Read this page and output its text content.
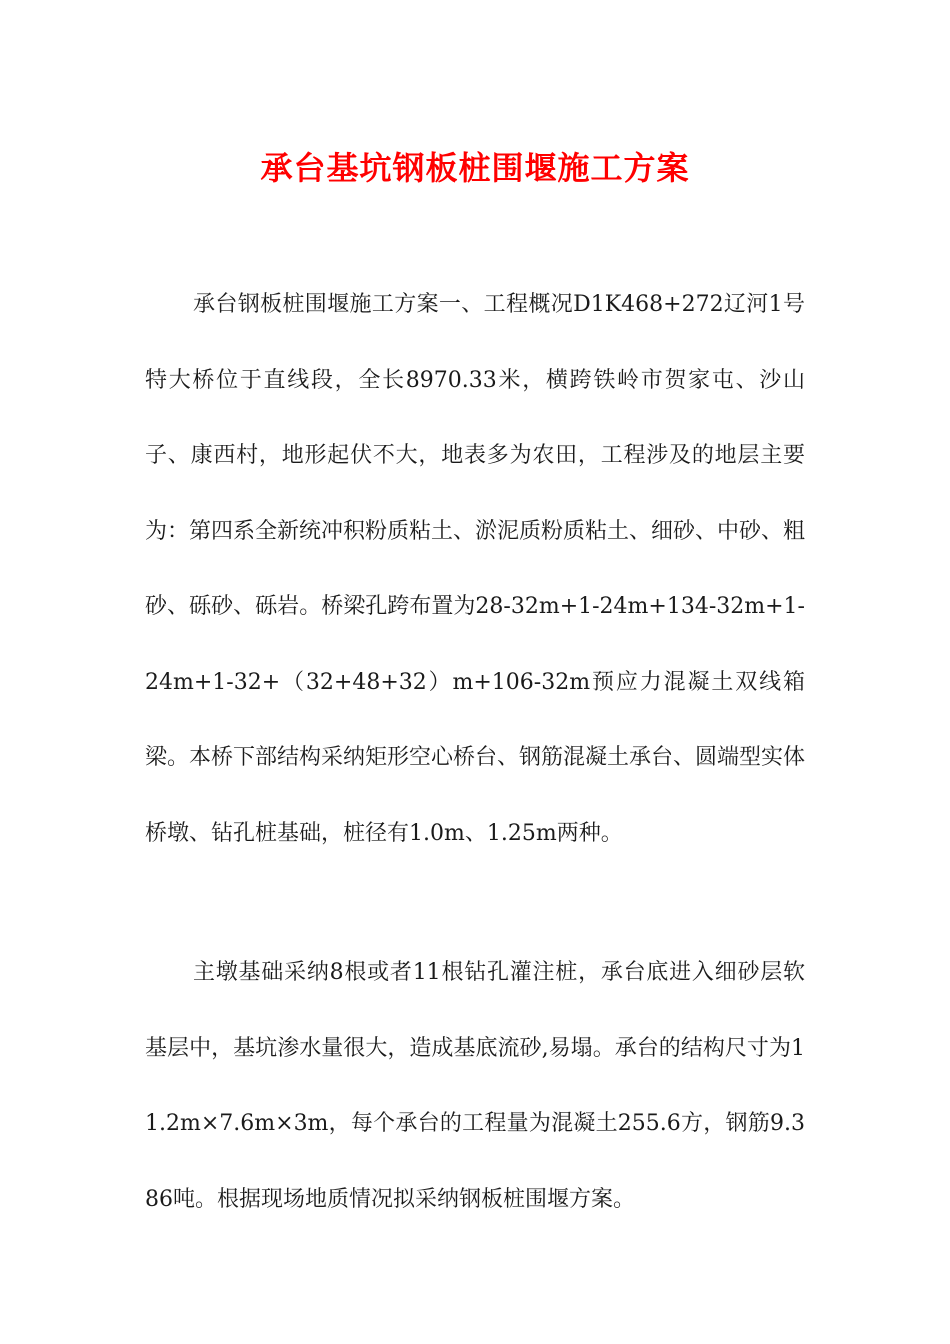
承台基坑钢板桩围堰施工方案

承台钢板桩围堰施工方案一、工程概况D1K468+272辽河1号特大桥位于直线段，全长8970.33米，横跨铁岭市贺家屯、沙山子、康西村，地形起伏不大，地表多为农田，工程涉及的地层主要为：第四系全新统冲积粉质粘土、淤泥质粉质粘土、细砂、中砂、粗砂、砾砂、砾岩。桥梁孔跨布置为28-32m+1-24m+134-32m+1-24m+1-32+（32+48+32）m+106-32m预应力混凝土双线箱梁。本桥下部结构采纳矩形空心桥台、钢筋混凝土承台、圆端型实体桥墩、钻孔桩基础，桩径有1.0m、1.25m两种。

主墩基础采纳8根或者11根钻孔灌注桩，承台底进入细砂层软基层中，基坑渗水量很大，造成基底流砂,易塌。承台的结构尺寸为11.2m×7.6m×3m，每个承台的工程量为混凝土255.6方，钢筋9.386吨。根据现场地质情况拟采纳钢板桩围堰方案。
